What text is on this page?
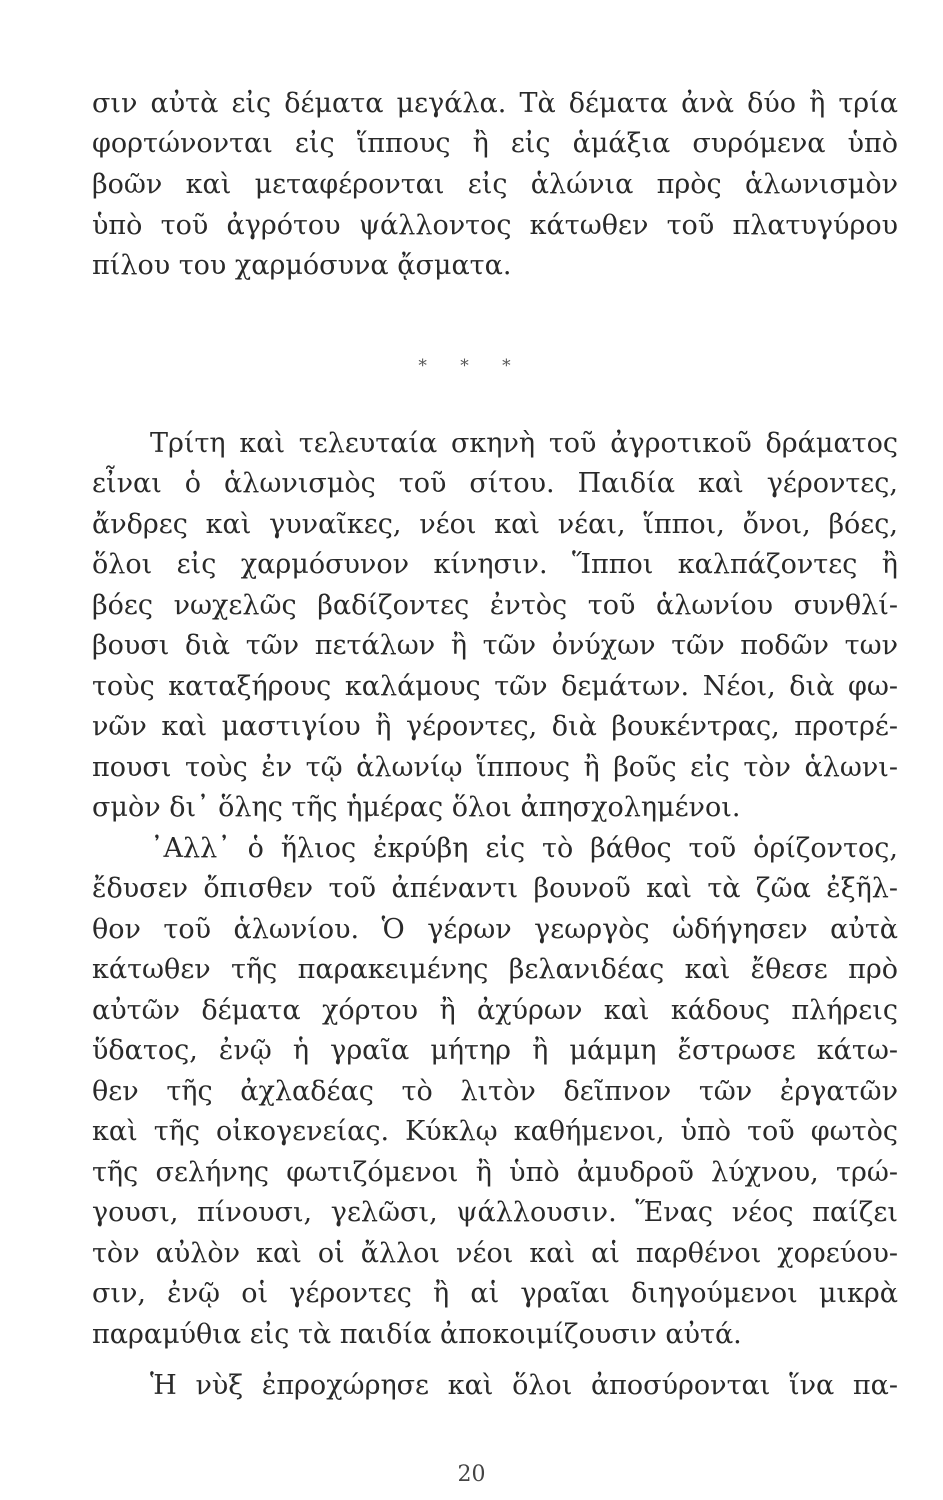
σιν αὐτὰ εἰς δέματα μεγάλα. Τὰ δέματα ἀνὰ δύο ἢ τρία
φορτώνονται εἰς ἵππους ἢ εἰς ἁμάξια συρόμενα ὑπὸ
βοῶν καὶ μεταφέρονται εἰς ἁλώνια πρὸς ἁλωνισμὸν
ὑπὸ τοῦ ἀγρότου ψάλλοντος κάτωθεν τοῦ πλατυγύρου
πίλου του χαρμόσυνα ᾄσματα.
* * *
Τρίτη καὶ τελευταία σκηνὴ τοῦ ἀγροτικοῦ δράματος
εἶναι ὁ ἁλωνισμὸς τοῦ σίτου. Παιδία καὶ γέροντες,
ἄνδρες καὶ γυναῖκες, νέοι καὶ νέαι, ἵπποι, ὄνοι, βόες,
ὅλοι εἰς χαρμόσυνον κίνησιν. Ἵπποι καλπάζοντες ἢ
βόες νωχελῶς βαδίζοντες ἐντὸς τοῦ ἁλωνίου συνθλί-
βουσι διὰ τῶν πετάλων ἢ τῶν ὀνύχων τῶν ποδῶν των
τοὺς καταξήρους καλάμους τῶν δεμάτων. Νέοι, διὰ φω-
νῶν καὶ μαστιγίου ἢ γέροντες, διὰ βουκέντρας, προτρέ-
πουσι τοὺς ἐν τῷ ἁλωνίῳ ἵππους ἢ βοῦς εἰς τὸν ἁλωνι-
σμὸν δι᾽ ὅλης τῆς ἡμέρας ὅλοι ἀπησχολημένοι.
᾿Αλλ᾽ ὁ ἥλιος ἐκρύβη εἰς τὸ βάθος τοῦ ὁρίζοντος,
ἔδυσεν ὄπισθεν τοῦ ἀπέναντι βουνοῦ καὶ τὰ ζῶα ἐξῆλ-
θον τοῦ ἁλωνίου. Ὁ γέρων γεωργὸς ὡδήγησεν αὐτὰ
κάτωθεν τῆς παρακειμένης βελανιδέας καὶ ἔθεσε πρὸ
αὐτῶν δέματα χόρτου ἢ ἀχύρων καὶ κάδους πλήρεις
ὕδατος, ἐνῷ ἡ γραῖα μήτηρ ἢ μάμμη ἔστρωσε κάτω-
θεν τῆς ἀχλαδέας τὸ λιτὸν δεῖπνον τῶν ἐργατῶν
καὶ τῆς οἰκογενείας. Κύκλῳ καθήμενοι, ὑπὸ τοῦ φωτὸς
τῆς σελήνης φωτιζόμενοι ἢ ὑπὸ ἀμυδροῦ λύχνου, τρώ-
γουσι, πίνουσι, γελῶσι, ψάλλουσιν. Ἕνας νέος παίζει
τὸν αὐλὸν καὶ οἱ ἄλλοι νέοι καὶ αἱ παρθένοι χορεύου-
σιν, ἐνῷ οἱ γέροντες ἢ αἱ γραῖαι διηγούμενοι μικρὰ
παραμύθια εἰς τὰ παιδία ἀποκοιμίζουσιν αὐτά.
Ἡ νὺξ ἐπροχώρησε καὶ ὅλοι ἀποσύρονται ἵνα πα-
20
